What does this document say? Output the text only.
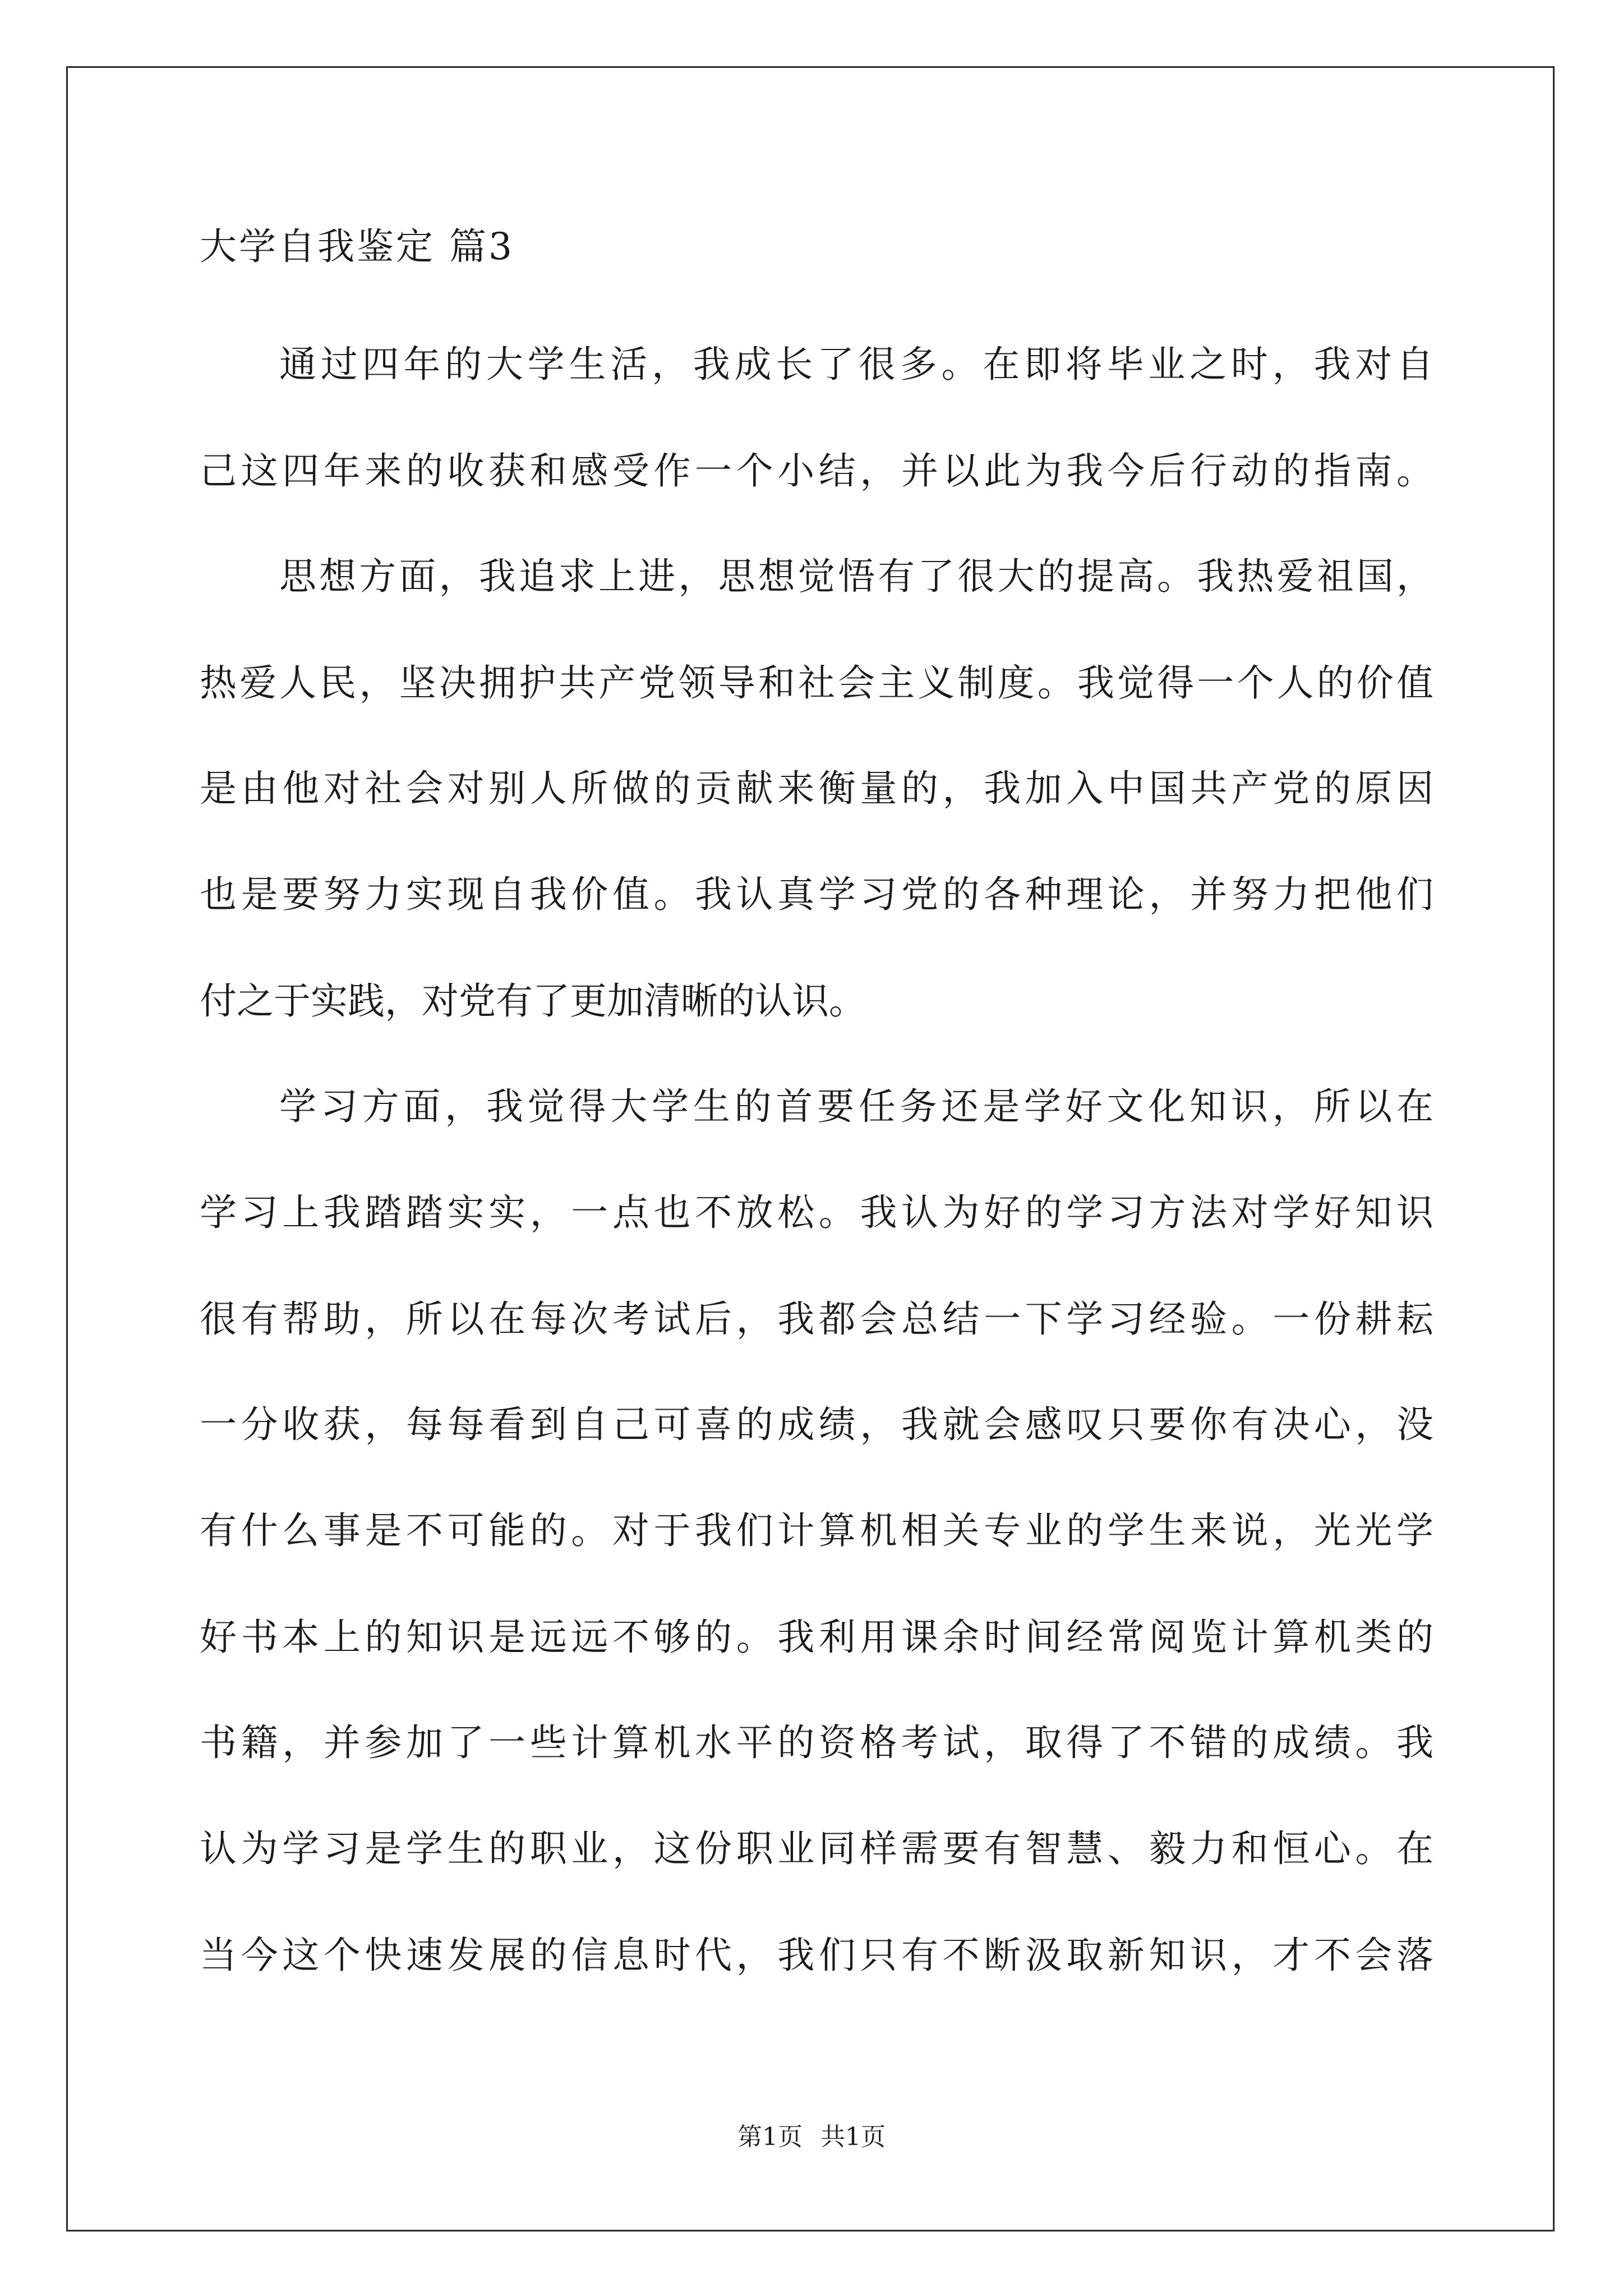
大学自我鉴定 篇3

通过四年的大学生活，我成长了很多。在即将毕业之时，我对自

己这四年来的收获和感受作一个小结，并以此为我今后行动的指南。

思想方面，我追求上进，思想觉悟有了很大的提高。我热爱祖国，

热爱人民，坚决拥护共产党领导和社会主义制度。我觉得一个人的价值

是由他对社会对别人所做的贡献来衡量的，我加入中国共产党的原因

也是要努力实现自我价值。我认真学习党的各种理论，并努力把他们

付之于实践，对党有了更加清晰的认识。

学习方面，我觉得大学生的首要任务还是学好文化知识，所以在

学习上我踏踏实实，一点也不放松。我认为好的学习方法对学好知识

很有帮助，所以在每次考试后，我都会总结一下学习经验。一份耕耘

一分收获，每每看到自己可喜的成绩，我就会感叹只要你有决心，没

有什么事是不可能的。对于我们计算机相关专业的学生来说，光光学

好书本上的知识是远远不够的。我利用课余时间经常阅览计算机类的

书籍，并参加了一些计算机水平的资格考试，取得了不错的成绩。我

认为学习是学生的职业，这份职业同样需要有智慧、毅力和恒心。在

当今这个快速发展的信息时代，我们只有不断汲取新知识，才不会落

第1页 共1页
